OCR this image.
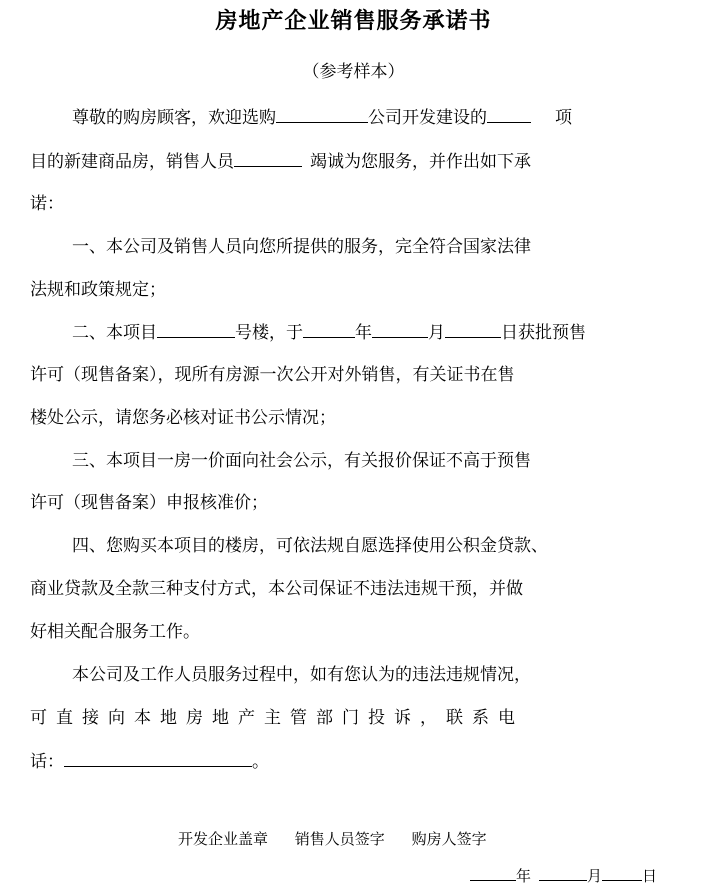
房地产企业销售服务承诺书
（参考样本）
尊敬的购房顾客，欢迎选购	公司开发建设的	项
目的新建商品房，销售人员	竭诚为您服务，并作出如下承
诺：
一、本公司及销售人员向您所提供的服务，完全符合国家法律
法规和政策规定；
二、本项目	号楼，于	年	月	日获批预售
许可（现售备案），现所有房源一次公开对外销售，有关证书在售
楼处公示，请您务必核对证书公示情况；
三、本项目一房一价面向社会公示，有关报价保证不高于预售
许可（现售备案）申报核准价；
四、您购买本项目的楼房，可依法规自愿选择使用公积金贷款、
商业贷款及全款三种支付方式，本公司保证不违法违规干预，并做
好相关配合服务工作。
本公司及工作人员服务过程中，如有您认为的违法违规情况，
可直接向本地房地产主管部门投诉，联系电
话：	。
开发企业盖章 销售人员签字 购房人签字
年	月	日
